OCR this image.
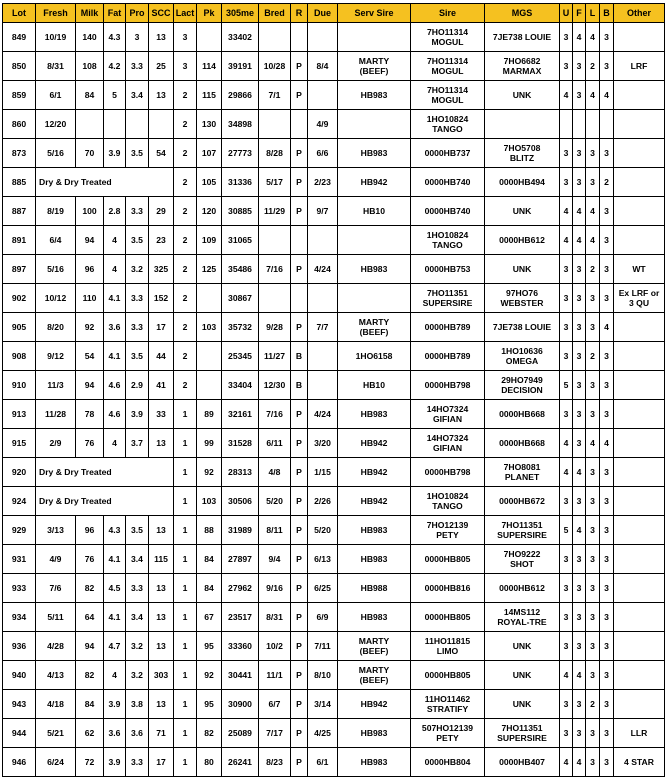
Lot	Fresh	Milk	Fat	Pro	SCC	Lact	Pk	305me	Bred	R	Due	Serv Sire	Sire	MGS	U	F	L	B	Other
849	10/19	140	4.3	3	13	3		33402					7HO11314
MOGUL	7JE738 LOUIE	3	4	4	3	

850	8/31	108	4.2	3.3	25	3	114	39191	10/28	P	8/4	MARTY
(BEEF)	7HO11314
MOGUL	7HO6682
MARMAX	3	3	2	3	LRF

859	6/1	84	5	3.4	13	2	115	29866	7/1	P		HB983	7HO11314
MOGUL	UNK	4	3	4	4	

860	12/20					2	130	34898			4/9		1HO10824
TANGO						

873	5/16	70	3.9	3.5	54	2	107	27773	8/28	P	6/6	HB983	0000HB737	7HO5708
BLITZ	3	3	3	3	

885	Dry & Dry Treated					2	105	31336	5/17	P	2/23	HB942	0000HB740	0000HB494	3	3	3	2	

887	8/19	100	2.8	3.3	29	2	120	30885	11/29	P	9/7	HB10	0000HB740	UNK	4	4	4	3	

891	6/4	94	4	3.5	23	2	109	31065					1HO10824
TANGO	0000HB612	4	4	4	3	

897	5/16	96	4	3.2	325	2	125	35486	7/16	P	4/24	HB983	0000HB753	UNK	3	3	2	3	WT

902	10/12	110	4.1	3.3	152	2		30867					7HO11351
SUPERSIRE	97HO76
WEBSTER	3	3	3	3	Ex LRF or
3 QU

905	8/20	92	3.6	3.3	17	2	103	35732	9/28	P	7/7	MARTY
(BEEF)	0000HB789	7JE738 LOUIE	3	3	3	4	

908	9/12	54	4.1	3.5	44	2		25345	11/27	B		1HO6158	0000HB789	1HO10636
OMEGA	3	3	2	3	

910	11/3	94	4.6	2.9	41	2		33404	12/30	B		HB10	0000HB798	29HO7949
DECISION	5	3	3	3	

913	11/28	78	4.6	3.9	33	1	89	32161	7/16	P	4/24	HB983	14HO7324
GIFIAN	0000HB668	3	3	3	3	

915	2/9	76	4	3.7	13	1	99	31528	6/11	P	3/20	HB942	14HO7324
GIFIAN	0000HB668	4	3	4	4	

920	Dry & Dry Treated					1	92	28313	4/8	P	1/15	HB942	0000HB798	7HO8081
PLANET	4	4	3	3	

924	Dry & Dry Treated					1	103	30506	5/20	P	2/26	HB942	1HO10824
TANGO	0000HB672	3	3	3	3	

929	3/13	96	4.3	3.5	13	1	88	31989	8/11	P	5/20	HB983	7HO12139
PETY	7HO11351
SUPERSIRE	5	4	3	3	

931	4/9	76	4.1	3.4	115	1	84	27897	9/4	P	6/13	HB983	0000HB805	7HO9222
SHOT	3	3	3	3	

933	7/6	82	4.5	3.3	13	1	84	27962	9/16	P	6/25	HB988	0000HB816	0000HB612	3	3	3	3	

934	5/11	64	4.1	3.4	13	1	67	23517	8/31	P	6/9	HB983	0000HB805	14MS112
ROYAL-TRE	3	3	3	3	

936	4/28	94	4.7	3.2	13	1	95	33360	10/2	P	7/11	MARTY
(BEEF)	11HO11815
LIMO	UNK	3	3	3	3	

940	4/13	82	4	3.2	303	1	92	30441	11/1	P	8/10	MARTY
(BEEF)	0000HB805	UNK	4	4	3	3	

943	4/18	84	3.9	3.8	13	1	95	30900	6/7	P	3/14	HB942	11HO11462
STRATIFY	UNK	3	3	2	3	

944	5/21	62	3.6	3.6	71	1	82	25089	7/17	P	4/25	HB983	507HO12139
PETY	7HO11351
SUPERSIRE	3	3	3	3	LLR

946	6/24	72	3.9	3.3	17	1	80	26241	8/23	P	6/1	HB983	0000HB804	0000HB407	4	4	3	3	4 STAR
